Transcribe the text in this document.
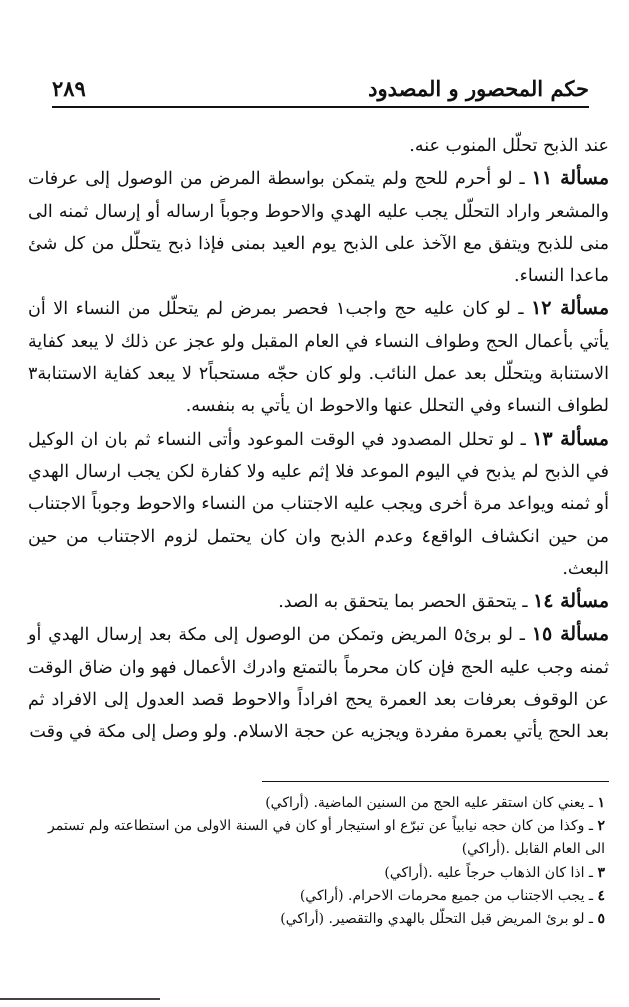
حكم المحصور و المصدود
٢٨٩

عند الذبح تحلّل المنوب عنه.

مسألة ١١ ـ لو أحرم للحج ولم يتمكن بواسطة المرض من الوصول إلى عرفات والمشعر واراد التحلّل يجب عليه الهدي والاحوط وجوباً ارساله أو إرسال ثمنه الى منى للذبح ويتفق مع الآخذ على الذبح يوم العيد بمنى فإذا ذبح يتحلّل من كل شئ ماعدا النساء.

مسألة ١٢ ـ لو كان عليه حج واجب١ فحصر بمرض لم يتحلّل من النساء الا أن يأتي بأعمال الحج وطواف النساء في العام المقبل ولو عجز عن ذلك لا يبعد كفاية الاستنابة ويتحلّل بعد عمل النائب. ولو كان حجّه مستحباً٢ لا يبعد كفاية الاستنابة٣ لطواف النساء وفي التحلل عنها والاحوط ان يأتي به بنفسه.

مسألة ١٣ ـ لو تحلل المصدود في الوقت الموعود وأتى النساء ثم بان ان الوكيل في الذبح لم يذبح في اليوم الموعد فلا إثم عليه ولا كفارة لكن يجب ارسال الهدي أو ثمنه ويواعد مرة أخرى ويجب عليه الاجتناب من النساء والاحوط وجوباً الاجتناب من حين انكشاف الواقع٤ وعدم الذبح وان كان يحتمل لزوم الاجتناب من حين البعث.

مسألة ١٤ ـ يتحقق الحصر بما يتحقق به الصد.

مسألة ١٥ ـ لو برئ٥ المريض وتمكن من الوصول إلى مكة بعد إرسال الهدي أو ثمنه وجب عليه الحج فإن كان محرماً بالتمتع وادرك الأعمال فهو وان ضاق الوقت عن الوقوف بعرفات بعد العمرة يحج افراداً والاحوط قصد العدول إلى الافراد ثم بعد الحج يأتي بعمرة مفردة ويجزيه عن حجة الاسلام. ولو وصل إلى مكة في وقت

١ ـ يعني كان استقر عليه الحج من السنين الماضية. (أراكي)

٢ ـ وكذا من كان حجه نيابياً عن تبرّع او استيجار أو كان في السنة الاولى من استطاعته ولم تستمر الى العام القابل .(أراكي)

٣ ـ اذا كان الذهاب حرجاً عليه .(أراكي)

٤ ـ يجب الاجتناب من جميع محرمات الاحرام. (أراكي)

٥ ـ لو برئ المريض قبل التحلّل بالهدي والتقصير. (أراكي)
